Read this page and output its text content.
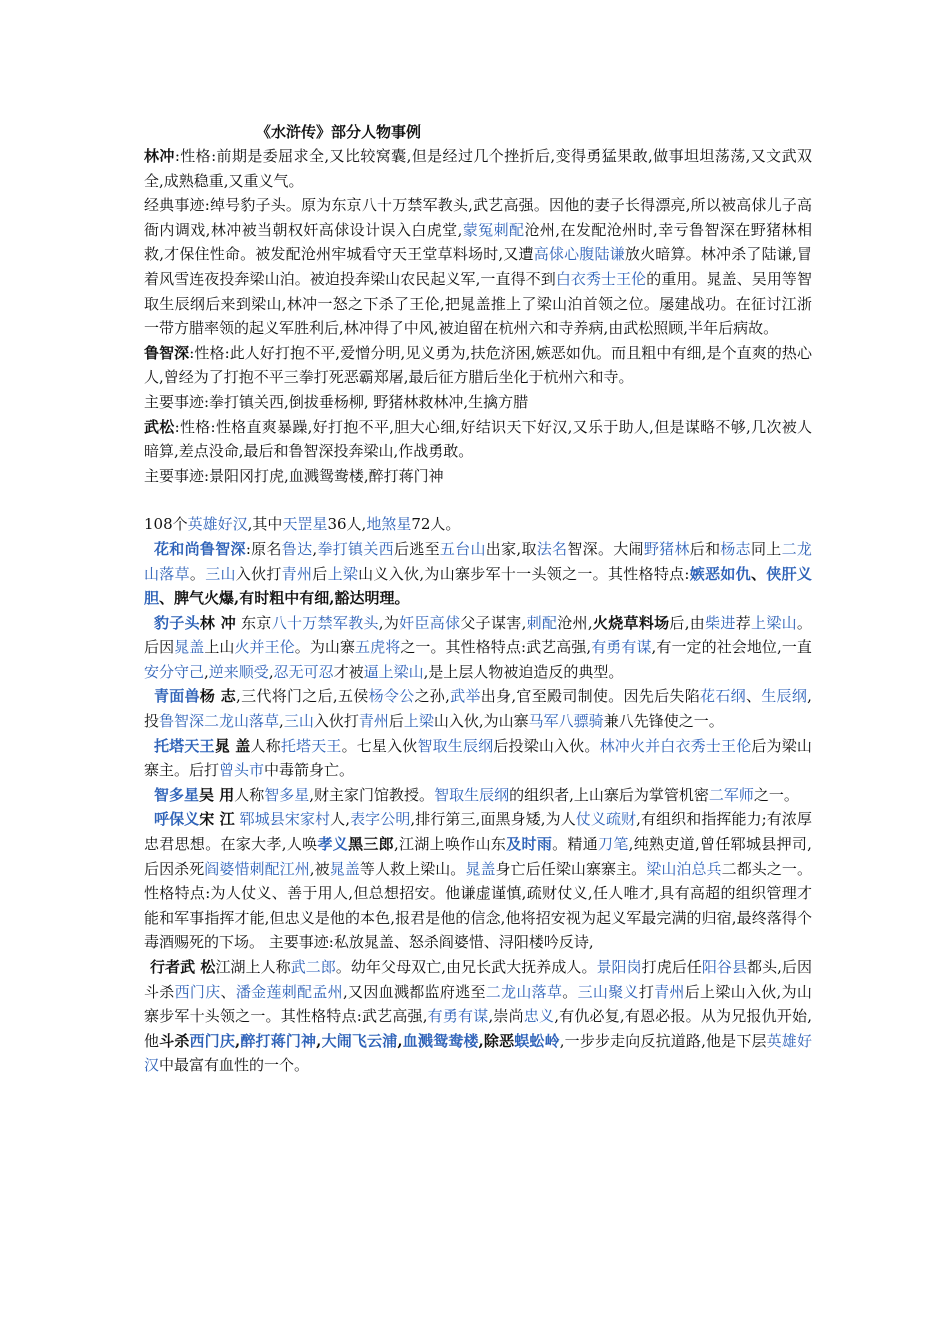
《水浒传》部分人物事例

林冲:性格:前期是委屈求全,又比较窝囊,但是经过几个挫折后,变得勇猛果敢,做事坦坦荡荡,又文武双全,成熟稳重,又重义气。

经典事迹:绰号豹子头。原为东京八十万禁军教头,武艺高强。因他的妻子长得漂亮,所以被高俅儿子高衙内调戏,林冲被当朝权奸高俅设计误入白虎堂,蒙冤刺配沧州,在发配沧州时,幸亏鲁智深在野猪林相救,才保住性命。被发配沧州牢城看守天王堂草料场时,又遭高俅心腹陆谦放火暗算。林冲杀了陆谦,冒着风雪连夜投奔梁山泊。被迫投奔梁山农民起义军,一直得不到白衣秀士王伦的重用。晁盖、吴用等智取生辰纲后来到梁山,林冲一怒之下杀了王伦,把晁盖推上了梁山泊首领之位。屡建战功。在征讨江浙一带方腊率领的起义军胜利后,林冲得了中风,被迫留在杭州六和寺养病,由武松照顾,半年后病故。

鲁智深:性格:此人好打抱不平,爱憎分明,见义勇为,扶危济困,嫉恶如仇。而且粗中有细,是个直爽的热心人,曾经为了打抱不平三拳打死恶霸郑屠,最后征方腊后坐化于杭州六和寺。

主要事迹:拳打镇关西,倒拔垂杨柳, 野猪林救林冲,生擒方腊

武松:性格:性格直爽暴躁,好打抱不平,胆大心细,好结识天下好汉,又乐于助人,但是谋略不够,几次被人暗算,差点没命,最后和鲁智深投奔梁山,作战勇敢。

主要事迹:景阳冈打虎,血溅鸳鸯楼,醉打蒋门神

108个英雄好汉,其中天罡星36人,地煞星72人。

花和尚鲁智深:原名鲁达,拳打镇关西后逃至五台山出家,取法名智深。大闹野猪林后和杨志同上二龙山落草。三山入伙打青州后上梁山义入伙,为山寨步军十一头领之一。其性格特点:嫉恶如仇、侠肝义胆、脾气火爆,有时粗中有细,豁达明理。

豹子头林 冲 东京八十万禁军教头,为奸臣高俅父子谋害,刺配沧州,火烧草料场后,由柴进荐上梁山。后因晁盖上山火并王伦。为山寨五虎将之一。其性格特点:武艺高强,有勇有谋,有一定的社会地位,一直安分守己,逆来顺受,忍无可忍才被逼上梁山,是上层人物被迫造反的典型。

青面兽杨 志,三代将门之后,五侯杨令公之孙,武举出身,官至殿司制使。因先后失陷花石纲、生辰纲,投鲁智深二龙山落草,三山入伙打青州后上梁山入伙,为山寨马军八骠骑兼八先锋使之一。

托塔天王晁 盖人称托塔天王。七星入伙智取生辰纲后投梁山入伙。林冲火并白衣秀士王伦后为梁山寨主。后打曾头市中毒箭身亡。

智多星吴 用人称智多星,财主家门馆教授。智取生辰纲的组织者,上山寨后为掌管机密二军师之一。

呼保义宋 江 郓城县宋家村人,表字公明,排行第三,面黑身矮,为人仗义疏财,有组织和指挥能力;有浓厚忠君思想。在家大孝,人唤孝义黑三郎,江湖上唤作山东及时雨。精通刀笔,纯熟吏道,曾任郓城县押司,后因杀死阎婆惜刺配江州,被晁盖等人救上梁山。晁盖身亡后任梁山寨寨主。梁山泊总兵二都头之一。性格特点:为人仗义、善于用人,但总想招安。他谦虚谨慎,疏财仗义,任人唯才,具有高超的组织管理才能和军事指挥才能,但忠义是他的本色,报君是他的信念,他将招安视为起义军最完满的归宿,最终落得个毒酒赐死的下场。 主要事迹:私放晁盖、怒杀阎婆惜、浔阳楼吟反诗,

行者武 松江湖上人称武二郎。幼年父母双亡,由兄长武大抚养成人。景阳岗打虎后任阳谷县都头,后因斗杀西门庆、潘金莲刺配孟州,又因血溅都监府逃至二龙山落草。三山聚义打青州后上梁山入伙,为山寨步军十头领之一。其性格特点:武艺高强,有勇有谋,崇尚忠义,有仇必复,有恩必报。从为兄报仇开始,他斗杀西门庆,醉打蒋门神,大闹飞云浦,血溅鸳鸯楼,除恶蜈蚣岭,一步步走向反抗道路,他是下层英雄好汉中最富有血性的一个。
